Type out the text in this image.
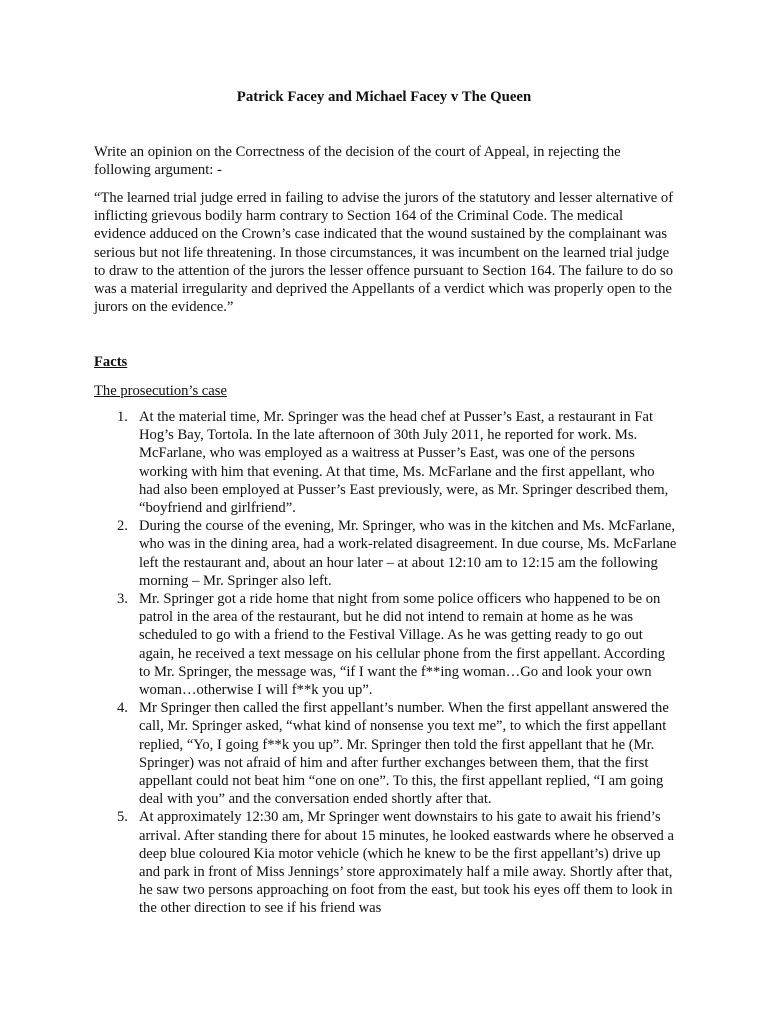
Patrick Facey and Michael Facey v The Queen

Write an opinion on the Correctness of the decision of the court of Appeal, in rejecting the following argument: -

“The learned trial judge erred in failing to advise the jurors of the statutory and lesser alternative of inflicting grievous bodily harm contrary to Section 164 of the Criminal Code. The medical evidence adduced on the Crown’s case indicated that the wound sustained by the complainant was serious but not life threatening. In those circumstances, it was incumbent on the learned trial judge to draw to the attention of the jurors the lesser offence pursuant to Section 164. The failure to do so was a material irregularity and deprived the Appellants of a verdict which was properly open to the jurors on the evidence.”

Facts
The prosecution’s case
1. At the material time, Mr. Springer was the head chef at Pusser’s East, a restaurant in Fat Hog’s Bay, Tortola. In the late afternoon of 30th July 2011, he reported for work. Ms. McFarlane, who was employed as a waitress at Pusser’s East, was one of the persons working with him that evening. At that time, Ms. McFarlane and the first appellant, who had also been employed at Pusser’s East previously, were, as Mr. Springer described them, “boyfriend and girlfriend”.
2. During the course of the evening, Mr. Springer, who was in the kitchen and Ms. McFarlane, who was in the dining area, had a work-related disagreement. In due course, Ms. McFarlane left the restaurant and, about an hour later – at about 12:10 am to 12:15 am the following morning – Mr. Springer also left.
3. Mr. Springer got a ride home that night from some police officers who happened to be on patrol in the area of the restaurant, but he did not intend to remain at home as he was scheduled to go with a friend to the Festival Village. As he was getting ready to go out again, he received a text message on his cellular phone from the first appellant. According to Mr. Springer, the message was, “if I want the f**ing woman…Go and look your own woman…otherwise I will f**k you up”.
4. Mr Springer then called the first appellant’s number. When the first appellant answered the call, Mr. Springer asked, “what kind of nonsense you text me”, to which the first appellant replied, “Yo, I going f**k you up”. Mr. Springer then told the first appellant that he (Mr. Springer) was not afraid of him and after further exchanges between them, that the first appellant could not beat him “one on one”. To this, the first appellant replied, “I am going deal with you” and the conversation ended shortly after that.
5. At approximately 12:30 am, Mr Springer went downstairs to his gate to await his friend’s arrival. After standing there for about 15 minutes, he looked eastwards where he observed a deep blue coloured Kia motor vehicle (which he knew to be the first appellant’s) drive up and park in front of Miss Jennings’ store approximately half a mile away. Shortly after that, he saw two persons approaching on foot from the east, but took his eyes off them to look in the other direction to see if his friend was
